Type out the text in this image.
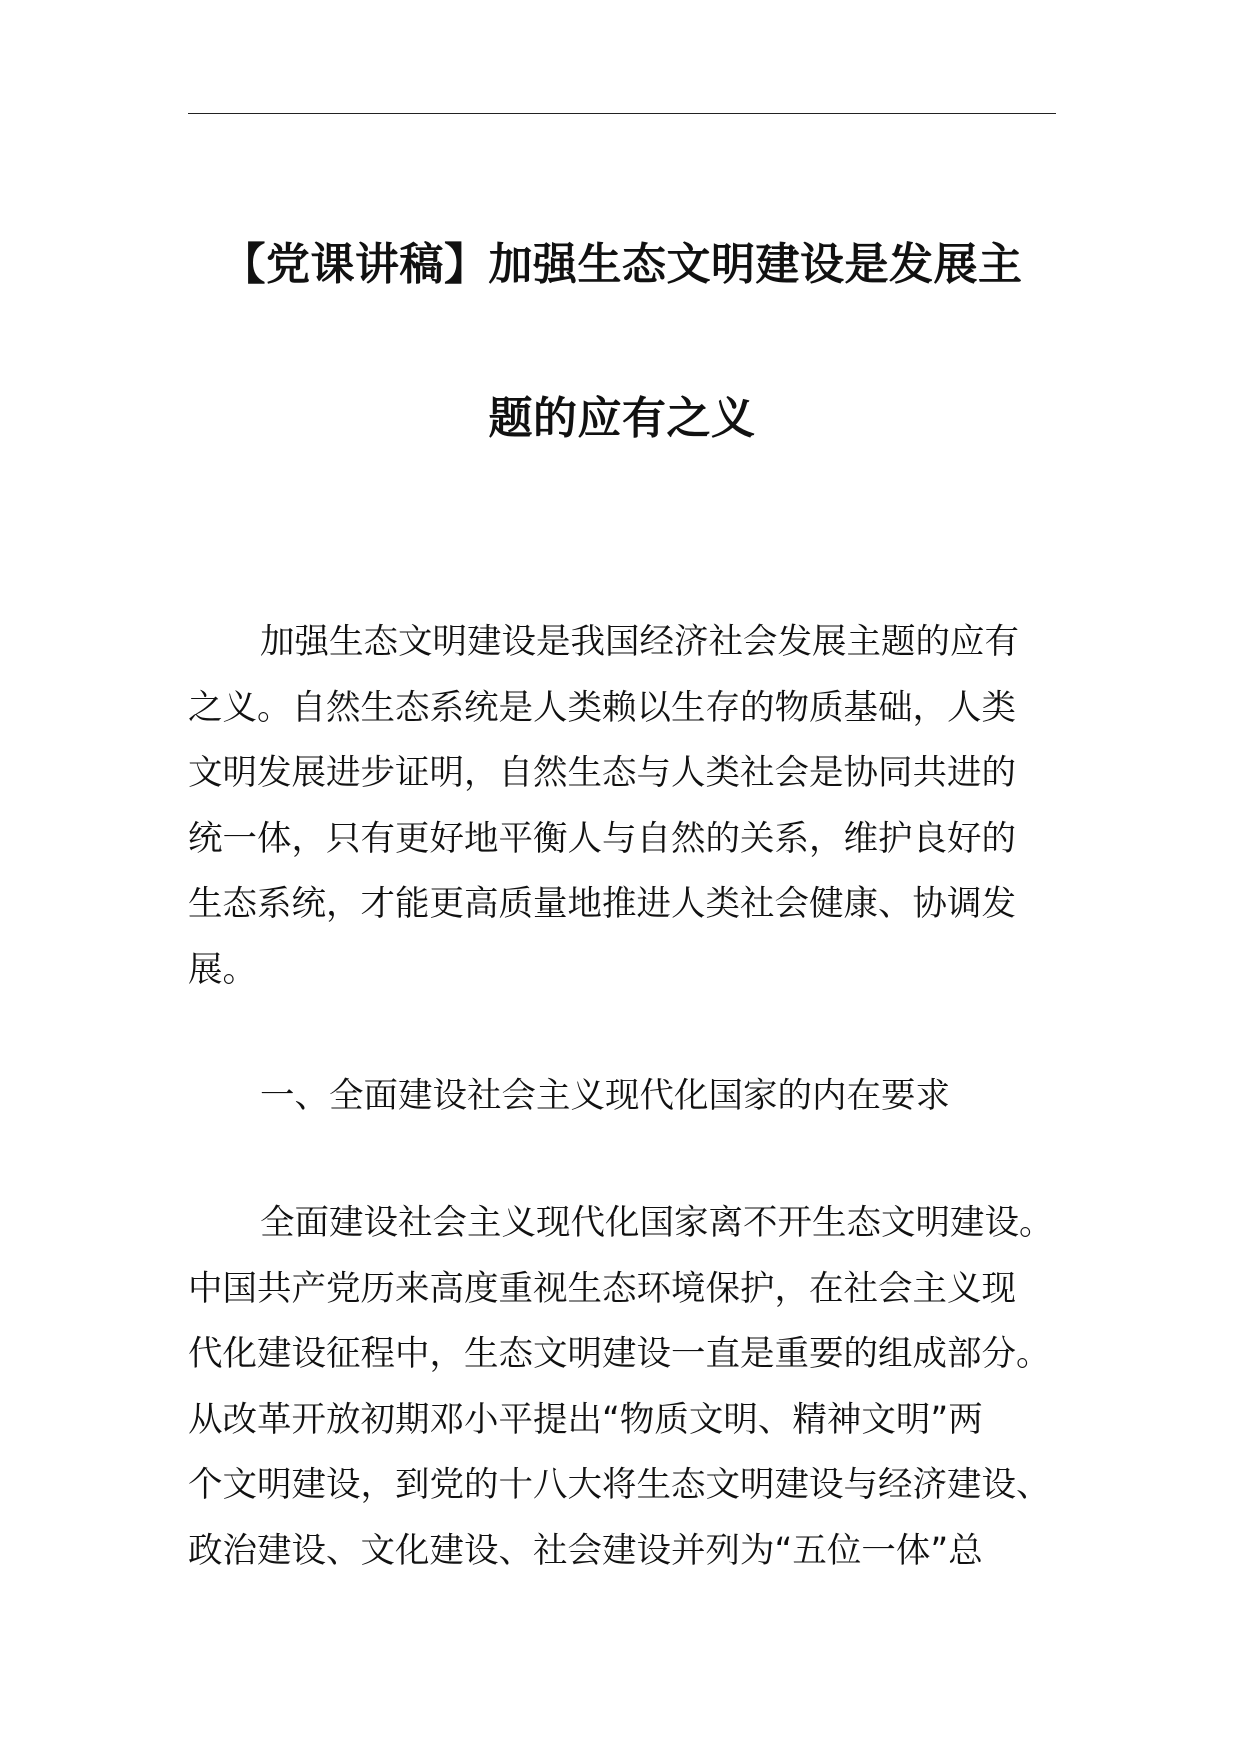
【党课讲稿】加强生态文明建设是发展主
题的应有之义

加强生态文明建设是我国经济社会发展主题的应有
之义。自然生态系统是人类赖以生存的物质基础，人类
文明发展进步证明，自然生态与人类社会是协同共进的
统一体，只有更好地平衡人与自然的关系，维护良好的
生态系统，才能更高质量地推进人类社会健康、协调发
展。

一、全面建设社会主义现代化国家的内在要求

全面建设社会主义现代化国家离不开生态文明建设。
中国共产党历来高度重视生态环境保护，在社会主义现
代化建设征程中，生态文明建设一直是重要的组成部分。
从改革开放初期邓小平提出“物质文明、精神文明”两
个文明建设，到党的十八大将生态文明建设与经济建设、
政治建设、文化建设、社会建设并列为“五位一体”总
